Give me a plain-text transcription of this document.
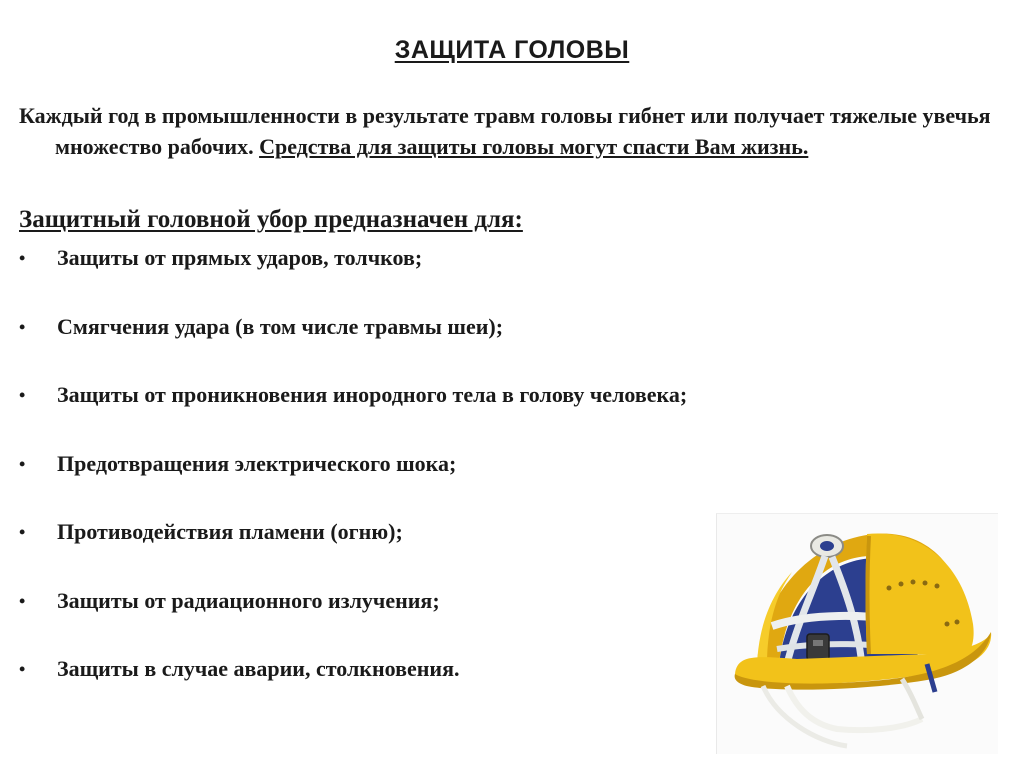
ЗАЩИТА ГОЛОВЫ

Каждый год в промышленности в результате травм головы гибнет или получает тяжелые увечья множество рабочих. Средства для защиты головы могут спасти Вам жизнь.

Защитный головной убор предназначен для:
• Защиты от прямых ударов, толчков;
• Смягчения удара (в том числе травмы шеи);
• Защиты от проникновения инородного тела в голову человека;
• Предотвращения электрического шока;
• Противодействия пламени (огню);
• Защиты от радиационного излучения;
• Защиты в случае аварии, столкновения.
